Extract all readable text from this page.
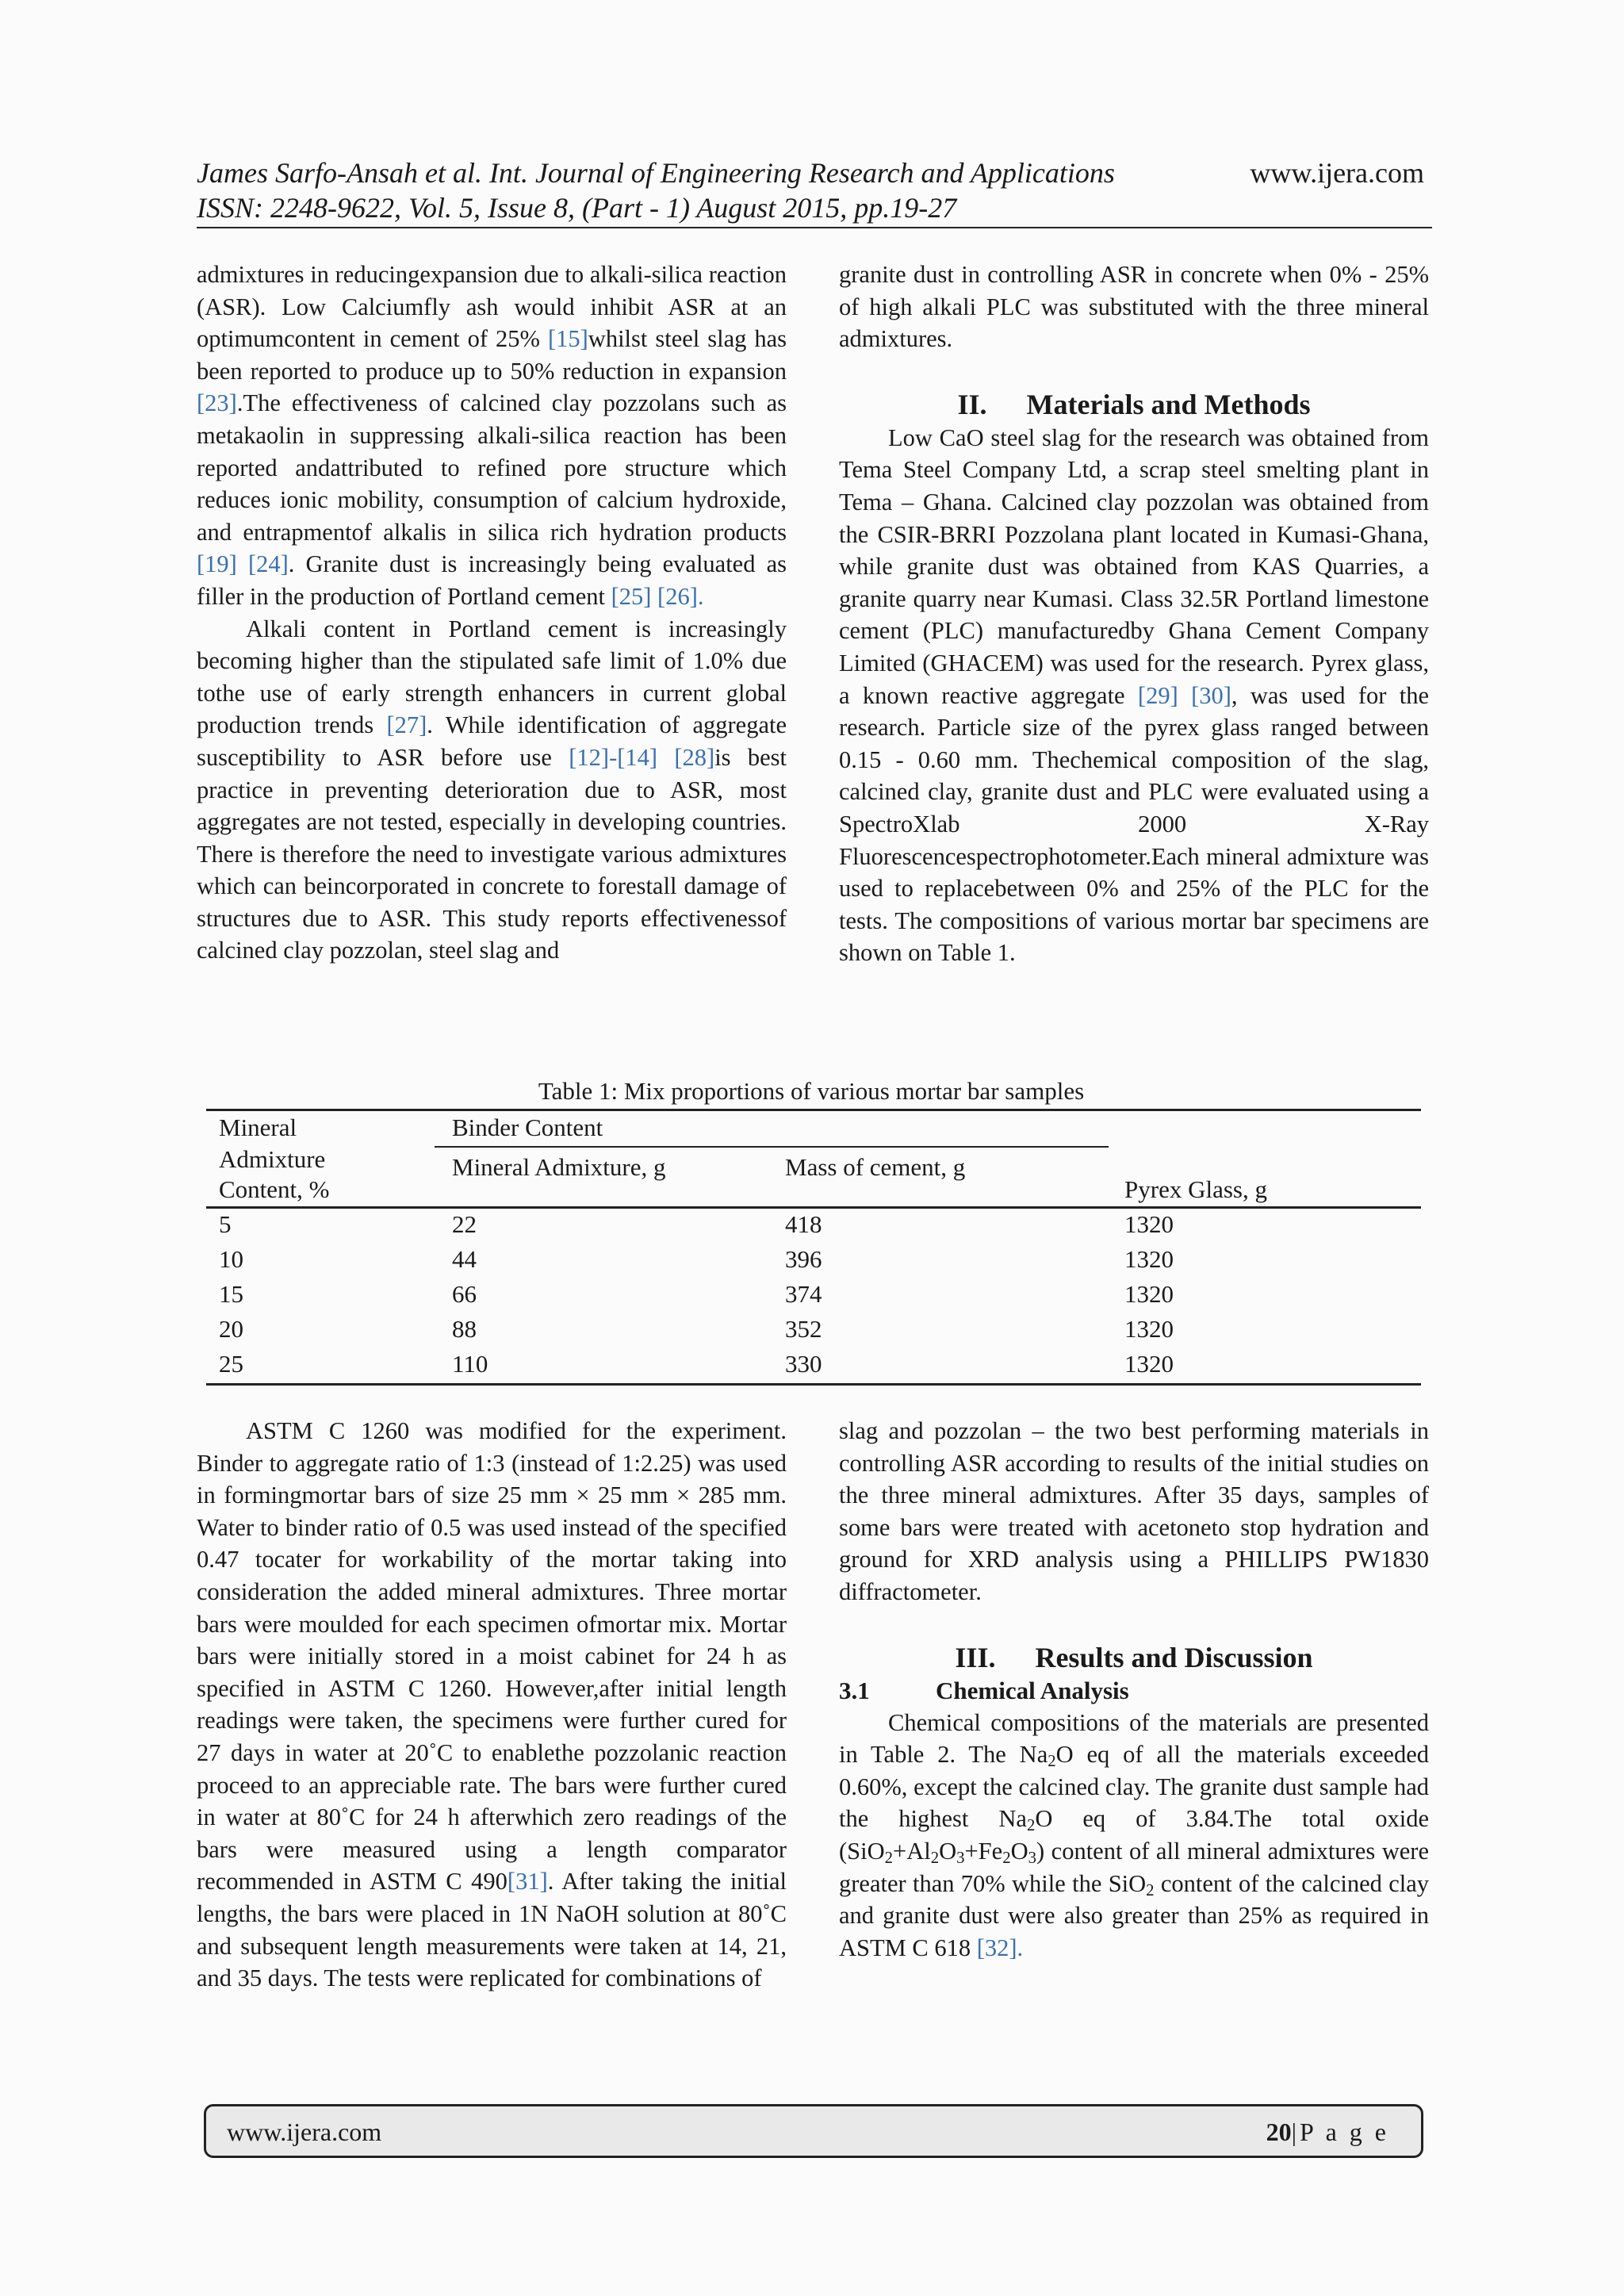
James Sarfo-Ansah et al. Int. Journal of Engineering Research and Applications
ISSN: 2248-9622, Vol. 5, Issue 8, (Part - 1) August 2015, pp.19-27
www.ijera.com

admixtures in reducingexpansion due to alkali-silica reaction (ASR). Low Calciumfly ash would inhibit ASR at an optimumcontent in cement of 25% [15]whilst steel slag has been reported to produce up to 50% reduction in expansion [23].The effectiveness of calcined clay pozzolans such as metakaolin in suppressing alkali-silica reaction has been reported andattributed to refined pore structure which reduces ionic mobility, consumption of calcium hydroxide, and entrapmentof alkalis in silica rich hydration products [19] [24]. Granite dust is increasingly being evaluated as filler in the production of Portland cement [25] [26].

Alkali content in Portland cement is increasingly becoming higher than the stipulated safe limit of 1.0% due tothe use of early strength enhancers in current global production trends [27]. While identification of aggregate susceptibility to ASR before use [12]-[14] [28]is best practice in preventing deterioration due to ASR, most aggregates are not tested, especially in developing countries. There is therefore the need to investigate various admixtures which can beincorporated in concrete to forestall damage of structures due to ASR. This study reports effectivenessof calcined clay pozzolan, steel slag and

granite dust in controlling ASR in concrete when 0% - 25% of high alkali PLC was substituted with the three mineral admixtures.

II. Materials and Methods

Low CaO steel slag for the research was obtained from Tema Steel Company Ltd, a scrap steel smelting plant in Tema – Ghana. Calcined clay pozzolan was obtained from the CSIR-BRRI Pozzolana plant located in Kumasi-Ghana, while granite dust was obtained from KAS Quarries, a granite quarry near Kumasi. Class 32.5R Portland limestone cement (PLC) manufacturedby Ghana Cement Company Limited (GHACEM) was used for the research. Pyrex glass, a known reactive aggregate [29] [30], was used for the research. Particle size of the pyrex glass ranged between 0.15 - 0.60 mm. Thechemical composition of the slag, calcined clay, granite dust and PLC were evaluated using a SpectroXlab 2000 X-Ray Fluorescencespectrophotometer.Each mineral admixture was used to replacebetween 0% and 25% of the PLC for the tests. The compositions of various mortar bar specimens are shown on Table 1.

Table 1: Mix proportions of various mortar bar samples
Mineral
Admixture
Content, %
Binder Content
Mineral Admixture, g	Mass of cement, g
Pyrex Glass, g
5	22	418	1320
10	44	396	1320
15	66	374	1320
20	88	352	1320
25	110	330	1320

ASTM C 1260 was modified for the experiment. Binder to aggregate ratio of 1:3 (instead of 1:2.25) was used in formingmortar bars of size 25 mm × 25 mm × 285 mm. Water to binder ratio of 0.5 was used instead of the specified 0.47 tocater for workability of the mortar taking into consideration the added mineral admixtures. Three mortar bars were moulded for each specimen ofmortar mix. Mortar bars were initially stored in a moist cabinet for 24 h as specified in ASTM C 1260. However,after initial length readings were taken, the specimens were further cured for 27 days in water at 20˚C to enablethe pozzolanic reaction proceed to an appreciable rate. The bars were further cured in water at 80˚C for 24 h afterwhich zero readings of the bars were measured using a length comparator recommended in ASTM C 490[31]. After taking the initial lengths, the bars were placed in 1N NaOH solution at 80˚C and subsequent length measurements were taken at 14, 21, and 35 days. The tests were replicated for combinations of

slag and pozzolan – the two best performing materials in controlling ASR according to results of the initial studies on the three mineral admixtures. After 35 days, samples of some bars were treated with acetoneto stop hydration and ground for XRD analysis using a PHILLIPS PW1830 diffractometer.

III. Results and Discussion
3.1	Chemical Analysis

Chemical compositions of the materials are presented in Table 2. The $Na_2O$ eq of all the materials exceeded 0.60%, except the calcined clay. The granite dust sample had the highest $Na_2O$ eq of 3.84.The total oxide $(SiO_2+Al_2O_3+Fe_2O_3)$ content of all mineral admixtures were greater than 70% while the SiO$_2$ content of the calcined clay and granite dust were also greater than 25% as required in ASTM C 618 [32].

www.ijera.com	20|P a g e
